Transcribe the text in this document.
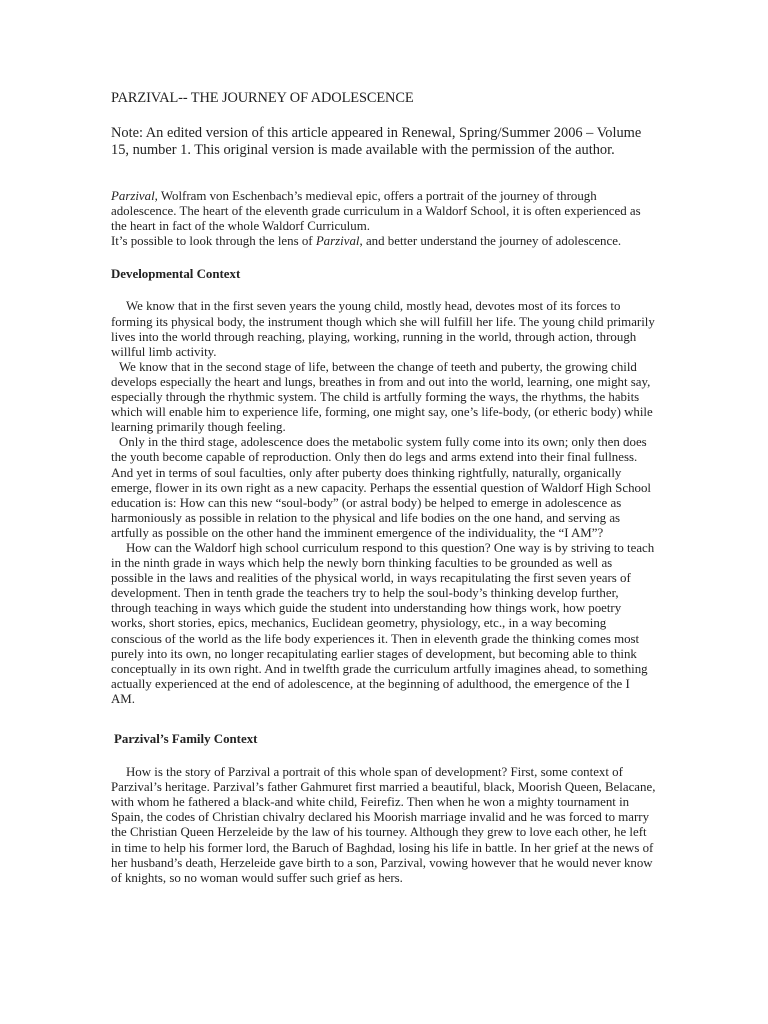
PARZIVAL-- THE JOURNEY OF ADOLESCENCE

Note: An edited version of this article appeared in Renewal, Spring/Summer 2006 – Volume 15, number 1. This original version is made available with the permission of the author.

Parzival, Wolfram von Eschenbach’s medieval epic, offers a portrait of the journey of through adolescence. The heart of the eleventh grade curriculum in a Waldorf School, it is often experienced as the heart in fact of the whole Waldorf Curriculum.
It’s possible to look through the lens of Parzival, and better understand the journey of adolescence.

Developmental Context

We know that in the first seven years the young child, mostly head, devotes most of its forces to forming its physical body, the instrument though which she will fulfill her life. The young child primarily lives into the world through reaching, playing, working, running in the world, through action, through willful limb activity.

We know that in the second stage of life, between the change of teeth and puberty, the growing child develops especially the heart and lungs, breathes in from and out into the world, learning, one might say, especially through the rhythmic system. The child is artfully forming the ways, the rhythms, the habits which will enable him to experience life, forming, one might say, one’s life-body, (or etheric body) while learning primarily though feeling.

Only in the third stage, adolescence does the metabolic system fully come into its own; only then does the youth become capable of reproduction. Only then do legs and arms extend into their final fullness. And yet in terms of soul faculties, only after puberty does thinking rightfully, naturally, organically emerge, flower in its own right as a new capacity. Perhaps the essential question of Waldorf High School education is: How can this new “soul-body” (or astral body) be helped to emerge in adolescence as harmoniously as possible in relation to the physical and life bodies on the one hand, and serving as artfully as possible on the other hand the imminent emergence of the individuality, the “I AM”?

How can the Waldorf high school curriculum respond to this question? One way is by striving to teach in the ninth grade in ways which help the newly born thinking faculties to be grounded as well as possible in the laws and realities of the physical world, in ways recapitulating the first seven years of development. Then in tenth grade the teachers try to help the soul-body’s thinking develop further, through teaching in ways which guide the student into understanding how things work, how poetry works, short stories, epics, mechanics, Euclidean geometry, physiology, etc., in a way becoming conscious of the world as the life body experiences it. Then in eleventh grade the thinking comes most purely into its own, no longer recapitulating earlier stages of development, but becoming able to think conceptually in its own right. And in twelfth grade the curriculum artfully imagines ahead, to something actually experienced at the end of adolescence, at the beginning of adulthood, the emergence of the I AM.

Parzival’s Family Context

How is the story of Parzival a portrait of this whole span of development? First, some context of Parzival’s heritage. Parzival’s father Gahmuret first married a beautiful, black, Moorish Queen, Belacane, with whom he fathered a black-and white child, Feirefiz. Then when he won a mighty tournament in Spain, the codes of Christian chivalry declared his Moorish marriage invalid and he was forced to marry the Christian Queen Herzeleide by the law of his tourney. Although they grew to love each other, he left in time to help his former lord, the Baruch of Baghdad, losing his life in battle. In her grief at the news of her husband’s death, Herzeleide gave birth to a son, Parzival, vowing however that he would never know of knights, so no woman would suffer such grief as hers.
